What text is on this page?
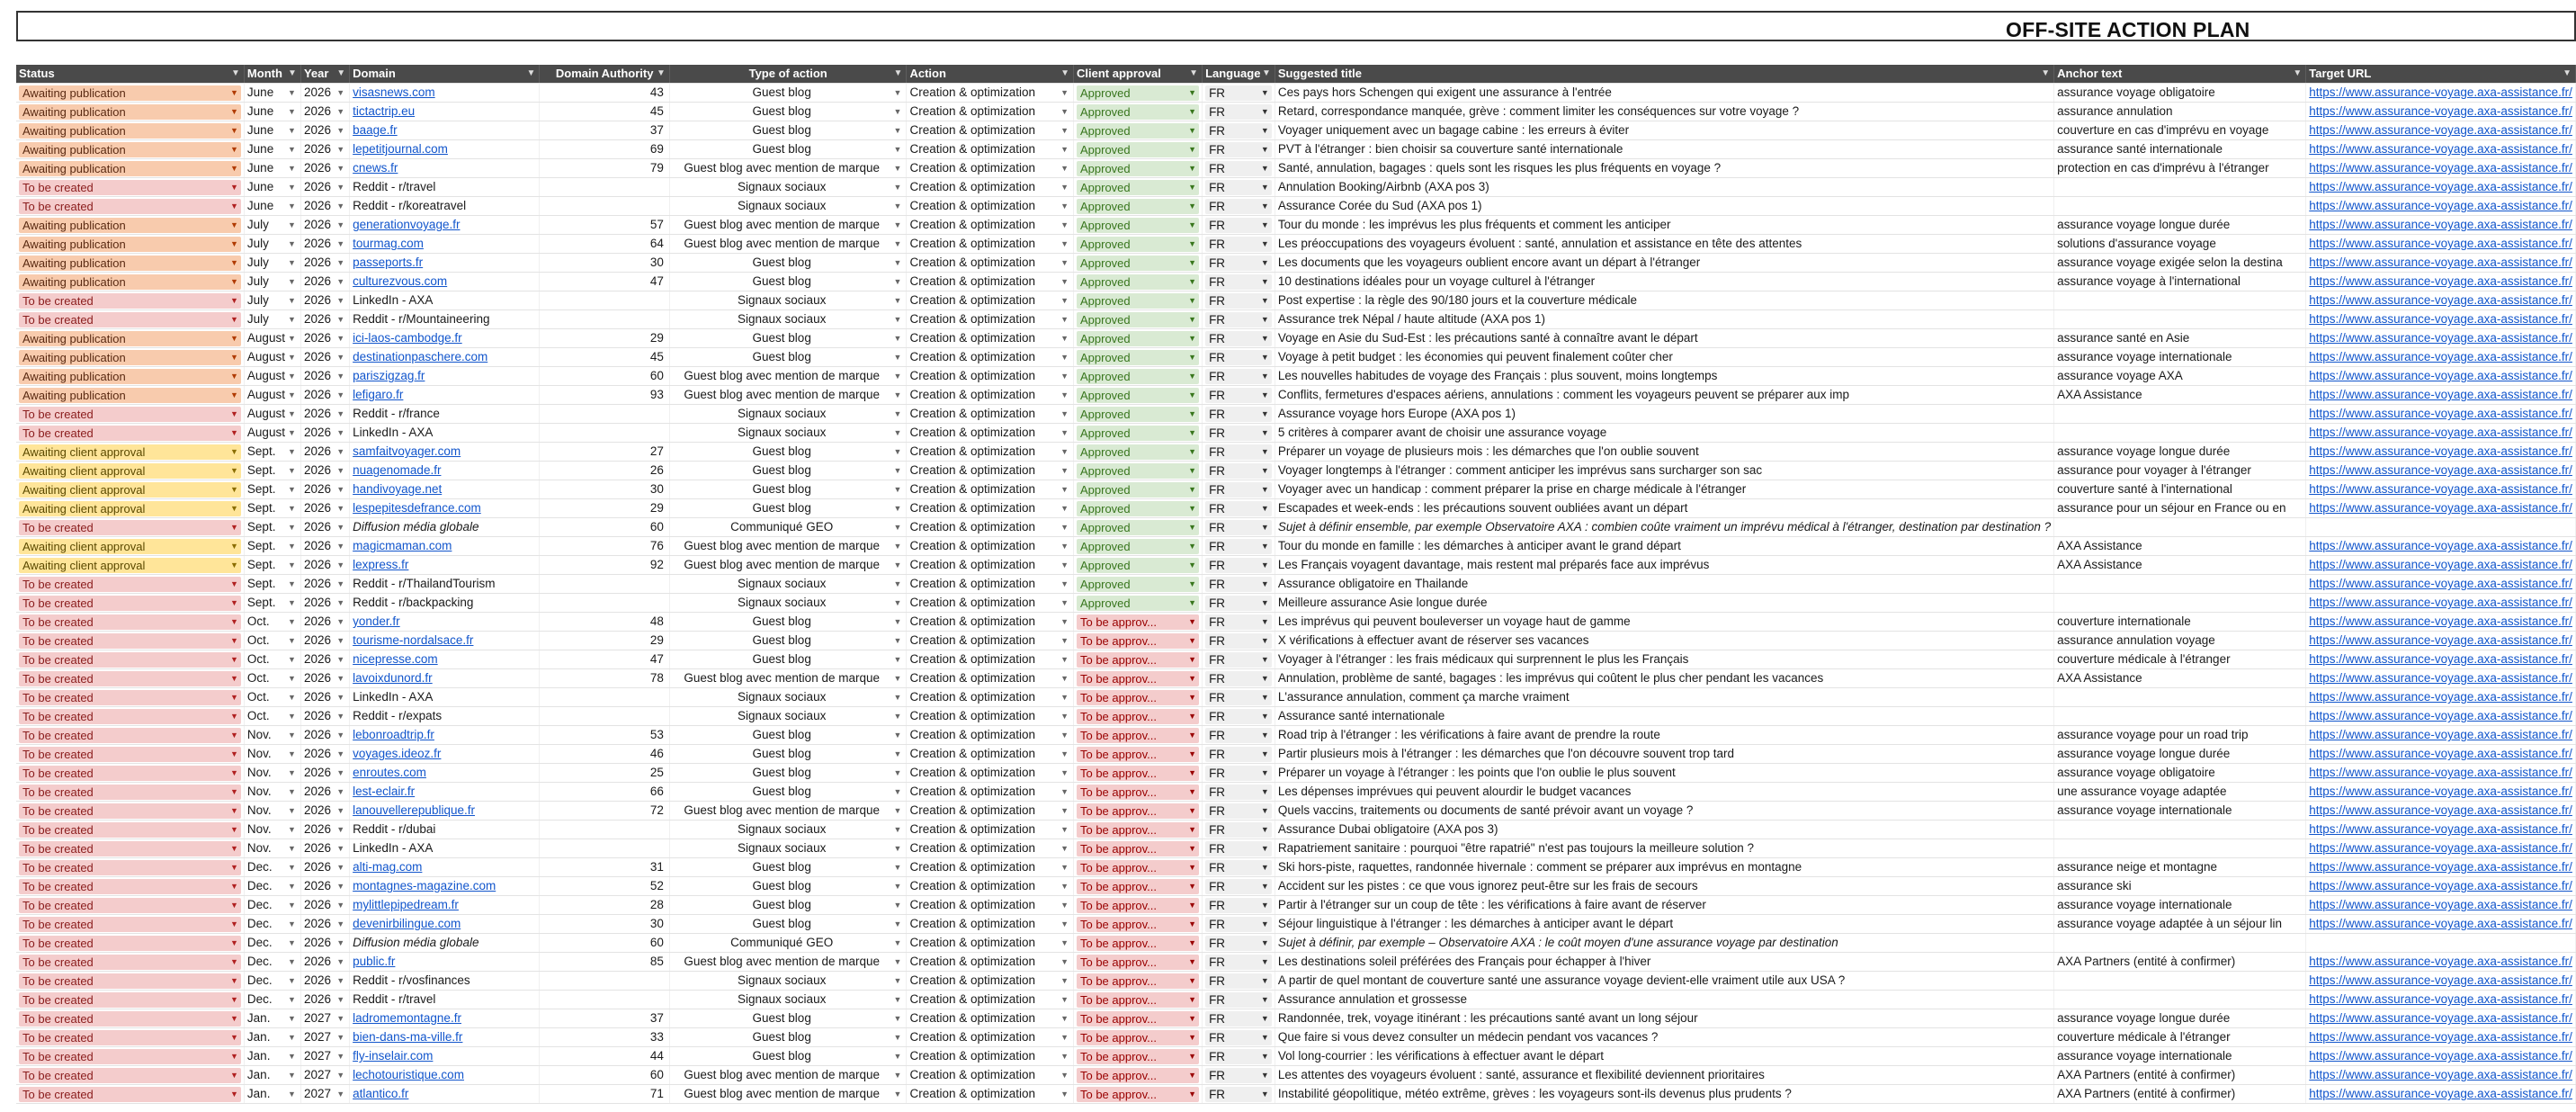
OFF-SITE ACTION PLAN
Status ▼	Month ▼	Year ▼	Domain ▼	Domain Authority ▼	Type of action ▼	Action ▼	Client approval ▼	Language ▼	Suggested title ▼	Anchor text ▼	Target URL ▼

Awaiting publication ▼	June ▼	2026 ▼	visasnews.com	43	Guest blog ▼	Creation & optimization ▼	Approved ▼	FR ▼	Ces pays hors Schengen qui exigent une assurance à l'entrée	assurance voyage obligatoire	https://www.assurance-voyage.axa-assistance.fr/

Awaiting publication ▼	June ▼	2026 ▼	tictactrip.eu	45	Guest blog ▼	Creation & optimization ▼	Approved ▼	FR ▼	Retard, correspondance manquée, grève : comment limiter les conséquences sur votre voyage ?	assurance annulation	https://www.assurance-voyage.axa-assistance.fr/

Awaiting publication ▼	June ▼	2026 ▼	baage.fr	37	Guest blog ▼	Creation & optimization ▼	Approved ▼	FR ▼	Voyager uniquement avec un bagage cabine : les erreurs à éviter	couverture en cas d'imprévu en voyage	https://www.assurance-voyage.axa-assistance.fr/

Awaiting publication ▼	June ▼	2026 ▼	lepetitjournal.com	69	Guest blog ▼	Creation & optimization ▼	Approved ▼	FR ▼	PVT à l'étranger : bien choisir sa couverture santé internationale	assurance santé internationale	https://www.assurance-voyage.axa-assistance.fr/

Awaiting publication ▼	June ▼	2026 ▼	cnews.fr	79	Guest blog avec mention de marque ▼	Creation & optimization ▼	Approved ▼	FR ▼	Santé, annulation, bagages : quels sont les risques les plus fréquents en voyage ?	protection en cas d'imprévu à l'étranger	https://www.assurance-voyage.axa-assistance.fr/

To be created ▼	June ▼	2026 ▼	Reddit - r/travel		Signaux sociaux ▼	Creation & optimization ▼	Approved ▼	FR ▼	Annulation Booking/Airbnb (AXA pos 3)		https://www.assurance-voyage.axa-assistance.fr/

To be created ▼	June ▼	2026 ▼	Reddit - r/koreatravel		Signaux sociaux ▼	Creation & optimization ▼	Approved ▼	FR ▼	Assurance Corée du Sud (AXA pos 1)		https://www.assurance-voyage.axa-assistance.fr/

Awaiting publication ▼	July ▼	2026 ▼	generationvoyage.fr	57	Guest blog avec mention de marque ▼	Creation & optimization ▼	Approved ▼	FR ▼	Tour du monde : les imprévus les plus fréquents et comment les anticiper	assurance voyage longue durée	https://www.assurance-voyage.axa-assistance.fr/

Awaiting publication ▼	July ▼	2026 ▼	tourmag.com	64	Guest blog avec mention de marque ▼	Creation & optimization ▼	Approved ▼	FR ▼	Les préoccupations des voyageurs évoluent : santé, annulation et assistance en tête des attentes	solutions d'assurance voyage	https://www.assurance-voyage.axa-assistance.fr/

Awaiting publication ▼	July ▼	2026 ▼	passeports.fr	30	Guest blog ▼	Creation & optimization ▼	Approved ▼	FR ▼	Les documents que les voyageurs oublient encore avant un départ à l'étranger	assurance voyage exigée selon la destina	https://www.assurance-voyage.axa-assistance.fr/

Awaiting publication ▼	July ▼	2026 ▼	culturezvous.com	47	Guest blog ▼	Creation & optimization ▼	Approved ▼	FR ▼	10 destinations idéales pour un voyage culturel à l'étranger	assurance voyage à l'international	https://www.assurance-voyage.axa-assistance.fr/

To be created ▼	July ▼	2026 ▼	LinkedIn - AXA		Signaux sociaux ▼	Creation & optimization ▼	Approved ▼	FR ▼	Post expertise : la règle des 90/180 jours et la couverture médicale		https://www.assurance-voyage.axa-assistance.fr/

To be created ▼	July ▼	2026 ▼	Reddit - r/Mountaineering		Signaux sociaux ▼	Creation & optimization ▼	Approved ▼	FR ▼	Assurance trek Népal / haute altitude (AXA pos 1)		https://www.assurance-voyage.axa-assistance.fr/

Awaiting publication ▼	August ▼	2026 ▼	ici-laos-cambodge.fr	29	Guest blog ▼	Creation & optimization ▼	Approved ▼	FR ▼	Voyage en Asie du Sud-Est : les précautions santé à connaître avant le départ	assurance santé en Asie	https://www.assurance-voyage.axa-assistance.fr/

Awaiting publication ▼	August ▼	2026 ▼	destinationpaschere.com	45	Guest blog ▼	Creation & optimization ▼	Approved ▼	FR ▼	Voyage à petit budget : les économies qui peuvent finalement coûter cher	assurance voyage internationale	https://www.assurance-voyage.axa-assistance.fr/

Awaiting publication ▼	August ▼	2026 ▼	pariszigzag.fr	60	Guest blog avec mention de marque ▼	Creation & optimization ▼	Approved ▼	FR ▼	Les nouvelles habitudes de voyage des Français : plus souvent, moins longtemps	assurance voyage AXA	https://www.assurance-voyage.axa-assistance.fr/

Awaiting publication ▼	August ▼	2026 ▼	lefigaro.fr	93	Guest blog avec mention de marque ▼	Creation & optimization ▼	Approved ▼	FR ▼	Conflits, fermetures d'espaces aériens, annulations : comment les voyageurs peuvent se préparer aux imp	AXA Assistance	https://www.assurance-voyage.axa-assistance.fr/

To be created ▼	August ▼	2026 ▼	Reddit - r/france		Signaux sociaux ▼	Creation & optimization ▼	Approved ▼	FR ▼	Assurance voyage hors Europe (AXA pos 1)		https://www.assurance-voyage.axa-assistance.fr/

To be created ▼	August ▼	2026 ▼	LinkedIn - AXA		Signaux sociaux ▼	Creation & optimization ▼	Approved ▼	FR ▼	5 critères à comparer avant de choisir une assurance voyage		https://www.assurance-voyage.axa-assistance.fr/

Awaiting client approval ▼	Sept. ▼	2026 ▼	samfaitvoyager.com	27	Guest blog ▼	Creation & optimization ▼	Approved ▼	FR ▼	Préparer un voyage de plusieurs mois : les démarches que l'on oublie souvent	assurance voyage longue durée	https://www.assurance-voyage.axa-assistance.fr/

Awaiting client approval ▼	Sept. ▼	2026 ▼	nuagenomade.fr	26	Guest blog ▼	Creation & optimization ▼	Approved ▼	FR ▼	Voyager longtemps à l'étranger : comment anticiper les imprévus sans surcharger son sac	assurance pour voyager à l'étranger	https://www.assurance-voyage.axa-assistance.fr/

Awaiting client approval ▼	Sept. ▼	2026 ▼	handivoyage.net	30	Guest blog ▼	Creation & optimization ▼	Approved ▼	FR ▼	Voyager avec un handicap : comment préparer la prise en charge médicale à l'étranger	couverture santé à l'international	https://www.assurance-voyage.axa-assistance.fr/

Awaiting client approval ▼	Sept. ▼	2026 ▼	lespepitesdefrance.com	29	Guest blog ▼	Creation & optimization ▼	Approved ▼	FR ▼	Escapades et week-ends : les précautions souvent oubliées avant un départ	assurance pour un séjour en France ou en	https://www.assurance-voyage.axa-assistance.fr/

To be created ▼	Sept. ▼	2026 ▼	Diffusion média globale	60	Communiqué GEO ▼	Creation & optimization ▼	Approved ▼	FR ▼	Sujet à définir ensemble, par exemple Observatoire AXA : combien coûte vraiment un imprévu médical à l'étranger, destination par destination ?		

Awaiting client approval ▼	Sept. ▼	2026 ▼	magicmaman.com	76	Guest blog avec mention de marque ▼	Creation & optimization ▼	Approved ▼	FR ▼	Tour du monde en famille : les démarches à anticiper avant le grand départ	AXA Assistance	https://www.assurance-voyage.axa-assistance.fr/

Awaiting client approval ▼	Sept. ▼	2026 ▼	lexpress.fr	92	Guest blog avec mention de marque ▼	Creation & optimization ▼	Approved ▼	FR ▼	Les Français voyagent davantage, mais restent mal préparés face aux imprévus	AXA Assistance	https://www.assurance-voyage.axa-assistance.fr/

To be created ▼	Sept. ▼	2026 ▼	Reddit - r/ThailandTourism		Signaux sociaux ▼	Creation & optimization ▼	Approved ▼	FR ▼	Assurance obligatoire en Thailande		https://www.assurance-voyage.axa-assistance.fr/

To be created ▼	Sept. ▼	2026 ▼	Reddit - r/backpacking		Signaux sociaux ▼	Creation & optimization ▼	Approved ▼	FR ▼	Meilleure assurance Asie longue durée		https://www.assurance-voyage.axa-assistance.fr/

To be created ▼	Oct. ▼	2026 ▼	yonder.fr	48	Guest blog ▼	Creation & optimization ▼	To be approv... ▼	FR ▼	Les imprévus qui peuvent bouleverser un voyage haut de gamme	couverture internationale	https://www.assurance-voyage.axa-assistance.fr/

To be created ▼	Oct. ▼	2026 ▼	tourisme-nordalsace.fr	29	Guest blog ▼	Creation & optimization ▼	To be approv... ▼	FR ▼	X vérifications à effectuer avant de réserver ses vacances	assurance annulation voyage	https://www.assurance-voyage.axa-assistance.fr/

To be created ▼	Oct. ▼	2026 ▼	nicepresse.com	47	Guest blog ▼	Creation & optimization ▼	To be approv... ▼	FR ▼	Voyager à l'étranger : les frais médicaux qui surprennent le plus les Français	couverture médicale à l'étranger	https://www.assurance-voyage.axa-assistance.fr/

To be created ▼	Oct. ▼	2026 ▼	lavoixdunord.fr	78	Guest blog avec mention de marque ▼	Creation & optimization ▼	To be approv... ▼	FR ▼	Annulation, problème de santé, bagages : les imprévus qui coûtent le plus cher pendant les vacances	AXA Assistance	https://www.assurance-voyage.axa-assistance.fr/

To be created ▼	Oct. ▼	2026 ▼	LinkedIn - AXA		Signaux sociaux ▼	Creation & optimization ▼	To be approv... ▼	FR ▼	L'assurance annulation, comment ça marche vraiment		https://www.assurance-voyage.axa-assistance.fr/

To be created ▼	Oct. ▼	2026 ▼	Reddit - r/expats		Signaux sociaux ▼	Creation & optimization ▼	To be approv... ▼	FR ▼	Assurance santé internationale		https://www.assurance-voyage.axa-assistance.fr/

To be created ▼	Nov. ▼	2026 ▼	lebonroadtrip.fr	53	Guest blog ▼	Creation & optimization ▼	To be approv... ▼	FR ▼	Road trip à l'étranger : les vérifications à faire avant de prendre la route	assurance voyage pour un road trip	https://www.assurance-voyage.axa-assistance.fr/

To be created ▼	Nov. ▼	2026 ▼	voyages.ideoz.fr	46	Guest blog ▼	Creation & optimization ▼	To be approv... ▼	FR ▼	Partir plusieurs mois à l'étranger : les démarches que l'on découvre souvent trop tard	assurance voyage longue durée	https://www.assurance-voyage.axa-assistance.fr/

To be created ▼	Nov. ▼	2026 ▼	enroutes.com	25	Guest blog ▼	Creation & optimization ▼	To be approv... ▼	FR ▼	Préparer un voyage à l'étranger : les points que l'on oublie le plus souvent	assurance voyage obligatoire	https://www.assurance-voyage.axa-assistance.fr/

To be created ▼	Nov. ▼	2026 ▼	lest-eclair.fr	66	Guest blog ▼	Creation & optimization ▼	To be approv... ▼	FR ▼	Les dépenses imprévues qui peuvent alourdir le budget vacances	une assurance voyage adaptée	https://www.assurance-voyage.axa-assistance.fr/

To be created ▼	Nov. ▼	2026 ▼	lanouvellerepublique.fr	72	Guest blog avec mention de marque ▼	Creation & optimization ▼	To be approv... ▼	FR ▼	Quels vaccins, traitements ou documents de santé prévoir avant un voyage ?	assurance voyage internationale	https://www.assurance-voyage.axa-assistance.fr/

To be created ▼	Nov. ▼	2026 ▼	Reddit - r/dubai		Signaux sociaux ▼	Creation & optimization ▼	To be approv... ▼	FR ▼	Assurance Dubai obligatoire (AXA pos 3)		https://www.assurance-voyage.axa-assistance.fr/

To be created ▼	Nov. ▼	2026 ▼	LinkedIn - AXA		Signaux sociaux ▼	Creation & optimization ▼	To be approv... ▼	FR ▼	Rapatriement sanitaire : pourquoi "être rapatrié" n'est pas toujours la meilleure solution ?		https://www.assurance-voyage.axa-assistance.fr/

To be created ▼	Dec. ▼	2026 ▼	alti-mag.com	31	Guest blog ▼	Creation & optimization ▼	To be approv... ▼	FR ▼	Ski hors-piste, raquettes, randonnée hivernale : comment se préparer aux imprévus en montagne	assurance neige et montagne	https://www.assurance-voyage.axa-assistance.fr/

To be created ▼	Dec. ▼	2026 ▼	montagnes-magazine.com	52	Guest blog ▼	Creation & optimization ▼	To be approv... ▼	FR ▼	Accident sur les pistes : ce que vous ignorez peut-être sur les frais de secours	assurance ski	https://www.assurance-voyage.axa-assistance.fr/

To be created ▼	Dec. ▼	2026 ▼	mylittlepipedream.fr	28	Guest blog ▼	Creation & optimization ▼	To be approv... ▼	FR ▼	Partir à l'étranger sur un coup de tête : les vérifications à faire avant de réserver	assurance voyage internationale	https://www.assurance-voyage.axa-assistance.fr/

To be created ▼	Dec. ▼	2026 ▼	devenirbilingue.com	30	Guest blog ▼	Creation & optimization ▼	To be approv... ▼	FR ▼	Séjour linguistique à l'étranger : les démarches à anticiper avant le départ	assurance voyage adaptée à un séjour lin	https://www.assurance-voyage.axa-assistance.fr/

To be created ▼	Dec. ▼	2026 ▼	Diffusion média globale	60	Communiqué GEO ▼	Creation & optimization ▼	To be approv... ▼	FR ▼	Sujet à définir, par exemple – Observatoire AXA : le coût moyen d'une assurance voyage par destination		

To be created ▼	Dec. ▼	2026 ▼	public.fr	85	Guest blog avec mention de marque ▼	Creation & optimization ▼	To be approv... ▼	FR ▼	Les destinations soleil préférées des Français pour échapper à l'hiver	AXA Partners (entité à confirmer)	https://www.assurance-voyage.axa-assistance.fr/

To be created ▼	Dec. ▼	2026 ▼	Reddit - r/vosfinances		Signaux sociaux ▼	Creation & optimization ▼	To be approv... ▼	FR ▼	A partir de quel montant de couverture santé une assurance voyage devient-elle vraiment utile aux USA ?		https://www.assurance-voyage.axa-assistance.fr/

To be created ▼	Dec. ▼	2026 ▼	Reddit - r/travel		Signaux sociaux ▼	Creation & optimization ▼	To be approv... ▼	FR ▼	Assurance annulation et grossesse		https://www.assurance-voyage.axa-assistance.fr/

To be created ▼	Jan. ▼	2027 ▼	ladromemontagne.fr	37	Guest blog ▼	Creation & optimization ▼	To be approv... ▼	FR ▼	Randonnée, trek, voyage itinérant : les précautions santé avant un long séjour	assurance voyage longue durée	https://www.assurance-voyage.axa-assistance.fr/

To be created ▼	Jan. ▼	2027 ▼	bien-dans-ma-ville.fr	33	Guest blog ▼	Creation & optimization ▼	To be approv... ▼	FR ▼	Que faire si vous devez consulter un médecin pendant vos vacances ?	couverture médicale à l'étranger	https://www.assurance-voyage.axa-assistance.fr/

To be created ▼	Jan. ▼	2027 ▼	fly-inselair.com	44	Guest blog ▼	Creation & optimization ▼	To be approv... ▼	FR ▼	Vol long-courrier : les vérifications à effectuer avant le départ	assurance voyage internationale	https://www.assurance-voyage.axa-assistance.fr/

To be created ▼	Jan. ▼	2027 ▼	lechotouristique.com	60	Guest blog avec mention de marque ▼	Creation & optimization ▼	To be approv... ▼	FR ▼	Les attentes des voyageurs évoluent : santé, assurance et flexibilité deviennent prioritaires	AXA Partners (entité à confirmer)	https://www.assurance-voyage.axa-assistance.fr/

To be created ▼	Jan. ▼	2027 ▼	atlantico.fr	71	Guest blog avec mention de marque ▼	Creation & optimization ▼	To be approv... ▼	FR ▼	Instabilité géopolitique, météo extrême, grèves : les voyageurs sont-ils devenus plus prudents ?	AXA Partners (entité à confirmer)	https://www.assurance-voyage.axa-assistance.fr/
